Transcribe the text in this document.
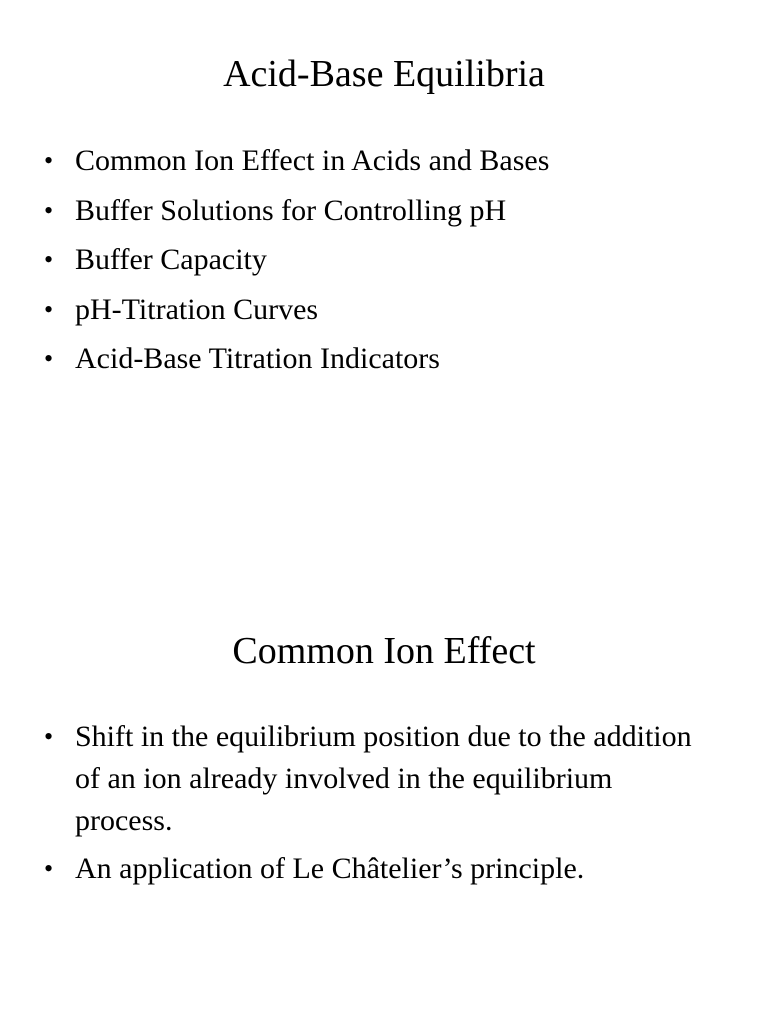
Acid-Base Equilibria
• Common Ion Effect in Acids and Bases
• Buffer Solutions for Controlling pH
• Buffer Capacity
• pH-Titration Curves
• Acid-Base Titration Indicators
Common Ion Effect
• Shift in the equilibrium position due to the addition of an ion already involved in the equilibrium process.
• An application of Le Châtelier’s principle.
